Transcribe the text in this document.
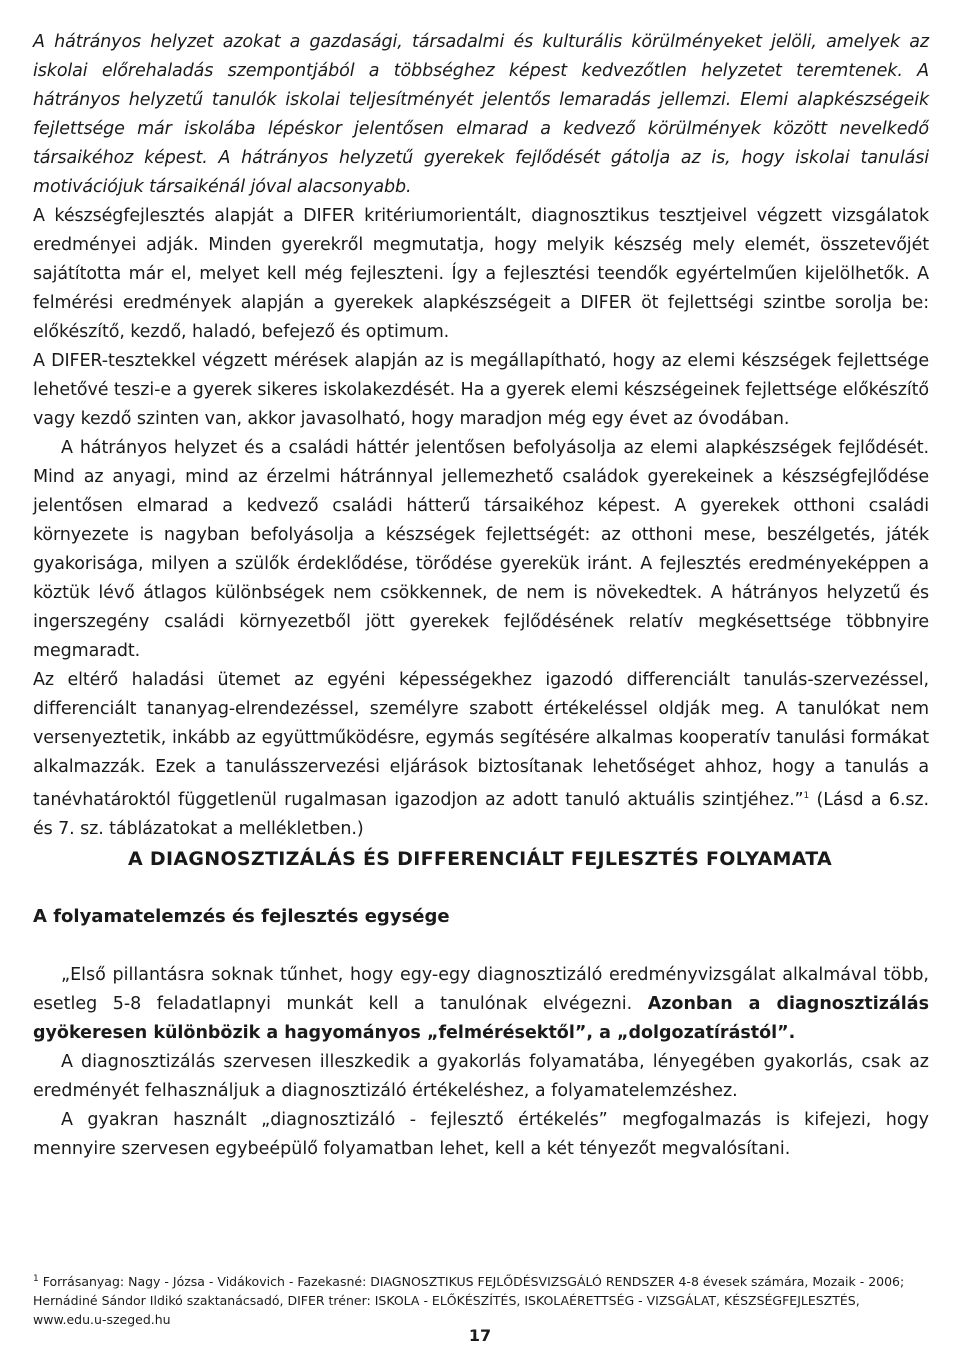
A hátrányos helyzet azokat a gazdasági, társadalmi és kulturális körülményeket jelöli, amelyek az iskolai előrehaladás szempontjából a többséghez képest kedvezőtlen helyzetet teremtenek. A hátrányos helyzetű tanulók iskolai teljesítményét jelentős lemaradás jellemzi. Elemi alapkészségeik fejlettsége már iskolába lépéskor jelentősen elmarad a kedvező körülmények között nevelkedő társaikéhoz képest. A hátrányos helyzetű gyerekek fejlődését gátolja az is, hogy iskolai tanulási motivációjuk társaikénál jóval alacsonyabb.

A készségfejlesztés alapját a DIFER kritériumorientált, diagnosztikus tesztjeivel végzett vizsgálatok eredményei adják. Minden gyerekről megmutatja, hogy melyik készség mely elemét, összetevőjét sajátította már el, melyet kell még fejleszteni. Így a fejlesztési teendők egyértelműen kijelölhetők. A felmérési eredmények alapján a gyerekek alapkészségeit a DIFER öt fejlettségi szintbe sorolja be: előkészítő, kezdő, haladó, befejező és optimum.

A DIFER-tesztekkel végzett mérések alapján az is megállapítható, hogy az elemi készségek fejlettsége lehetővé teszi-e a gyerek sikeres iskolakezdését. Ha a gyerek elemi készségeinek fejlettsége előkészítő vagy kezdő szinten van, akkor javasolható, hogy maradjon még egy évet az óvodában.

A hátrányos helyzet és a családi háttér jelentősen befolyásolja az elemi alapkészségek fejlődését. Mind az anyagi, mind az érzelmi hátránnyal jellemezhető családok gyerekeinek a készségfejlődése jelentősen elmarad a kedvező családi hátterű társaikéhoz képest. A gyerekek otthoni családi környezete is nagyban befolyásolja a készségek fejlettségét: az otthoni mese, beszélgetés, játék gyakorisága, milyen a szülők érdeklődése, törődése gyerekük iránt. A fejlesztés eredményeképpen a köztük lévő átlagos különbségek nem csökkennek, de nem is növekedtek. A hátrányos helyzetű és ingerszegény családi környezetből jött gyerekek fejlődésének relatív megkésettsége többnyire megmaradt.

Az eltérő haladási ütemet az egyéni képességekhez igazodó differenciált tanulás-szervezéssel, differenciált tananyag-elrendezéssel, személyre szabott értékeléssel oldják meg. A tanulókat nem versenyeztetik, inkább az együttműködésre, egymás segítésére alkalmas kooperatív tanulási formákat alkalmazzák. Ezek a tanulásszervezési eljárások biztosítanak lehetőséget ahhoz, hogy a tanulás a tanévhatároktól függetlenül rugalmasan igazodjon az adott tanuló aktuális szintjéhez.”$^1$ (Lásd a 6.sz. és 7. sz. táblázatokat a mellékletben.)

A DIAGNOSZTIZÁLÁS ÉS DIFFERENCIÁLT FEJLESZTÉS FOLYAMATA
A folyamatelemzés és fejlesztés egysége

„Első pillantásra soknak tűnhet, hogy egy-egy diagnosztizáló eredményvizsgálat alkalmával több, esetleg 5-8 feladatlapnyi munkát kell a tanulónak elvégezni. Azonban a diagnosztizálás gyökeresen különbözik a hagyományos „felmérésektől”, a „dolgozatírástól”.

A diagnosztizálás szervesen illeszkedik a gyakorlás folyamatába, lényegében gyakorlás, csak az eredményét felhasználjuk a diagnosztizáló értékeléshez, a folyamatelemzéshez.

A gyakran használt „diagnosztizáló - fejlesztő értékelés” megfogalmazás is kifejezi, hogy mennyire szervesen egybeépülő folyamatban lehet, kell a két tényezőt megvalósítani.

$^1$ Forrásanyag: Nagy - Józsa - Vidákovich - Fazekasné: DIAGNOSZTIKUS FEJLŐDÉSVIZSGÁLÓ RENDSZER 4-8 évesek számára, Mozaik - 2006; Hernádiné Sándor Ildikó szaktanácsadó, DIFER tréner: ISKOLA - ELŐKÉSZÍTÉS, ISKOLAÉRETTSÉG - VIZSGÁLAT, KÉSZSÉGFEJLESZTÉS, www.edu.u-szeged.hu

17
